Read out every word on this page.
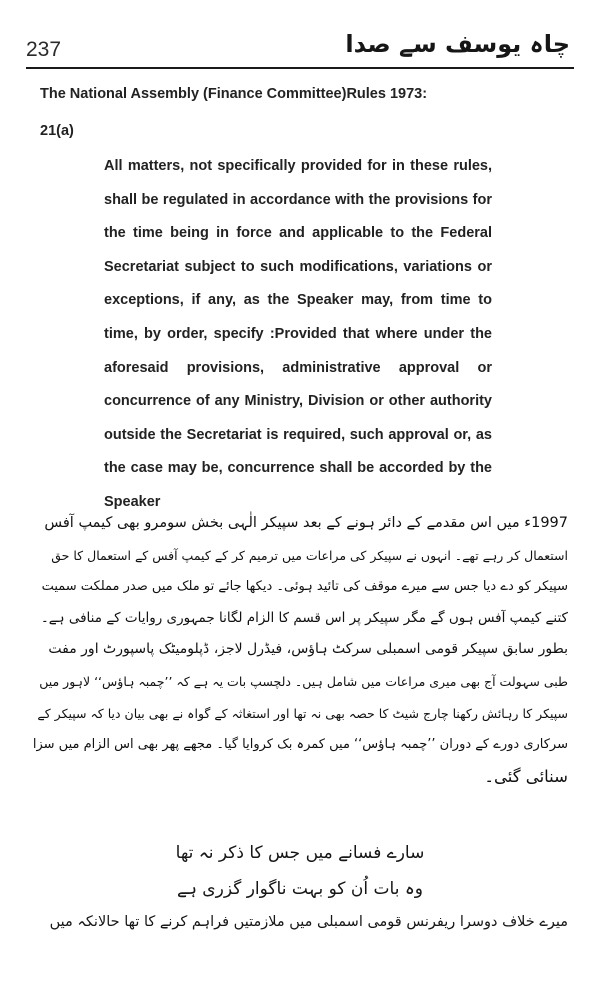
237	چاہ یوسف سے صدا
The National Assembly (Finance Committee)Rules 1973:
21(a)
All matters, not specifically provided for in these rules,
shall be regulated in accordance with the provisions for
the time being in force and applicable to the Federal
Secretariat subject to such modifications, variations or
exceptions, if any, as the Speaker may, from time to
time, by order, specify :Provided that where under the
aforesaid provisions, administrative approval or
concurrence of any Ministry, Division or other authority
outside the Secretariat is required, such approval or, as
the case may be, concurrence shall be accorded by the
Speaker
1997ء میں اس مقدمے کے دائر ہونے کے بعد سپیکر الٰہی بخش سومرو بھی کیمپ آفس
استعمال کر رہے تھے۔ انہوں نے سپیکر کی مراعات میں ترمیم کر کے کیمپ آفس کے استعمال کا حق
سپیکر کو دے دیا جس سے میرے موقف کی تائید ہوئی۔ دیکھا جائے تو ملک میں صدر مملکت سمیت
کتنے کیمپ آفس ہوں گے مگر سپیکر پر اس قسم کا الزام لگانا جمہوری روایات کے منافی ہے۔
بطور سابق سپیکر قومی اسمبلی سرکٹ ہاؤس، فیڈرل لاجز، ڈپلومیٹک پاسپورٹ اور مفت
طبی سہولت آج بھی میری مراعات میں شامل ہیں۔ دلچسپ بات یہ ہے کہ ’’چمبہ ہاؤس‘‘ لاہور میں
سپیکر کا رہائش رکھنا چارج شیٹ کا حصہ بھی نہ تھا اور استغاثہ کے گواہ نے بھی بیان دیا کہ سپیکر کے
سرکاری دورے کے دوران ’’چمبہ ہاؤس‘‘ میں کمرہ بک کروایا گیا۔ مجھے پھر بھی اس الزام میں سزا
سنائی گئی۔
سارے فسانے میں جس کا ذکر نہ تھا
وہ بات اُن کو بہت ناگوار گزری ہے
میرے خلاف دوسرا ریفرنس قومی اسمبلی میں ملازمتیں فراہم کرنے کا تھا حالانکہ میں
